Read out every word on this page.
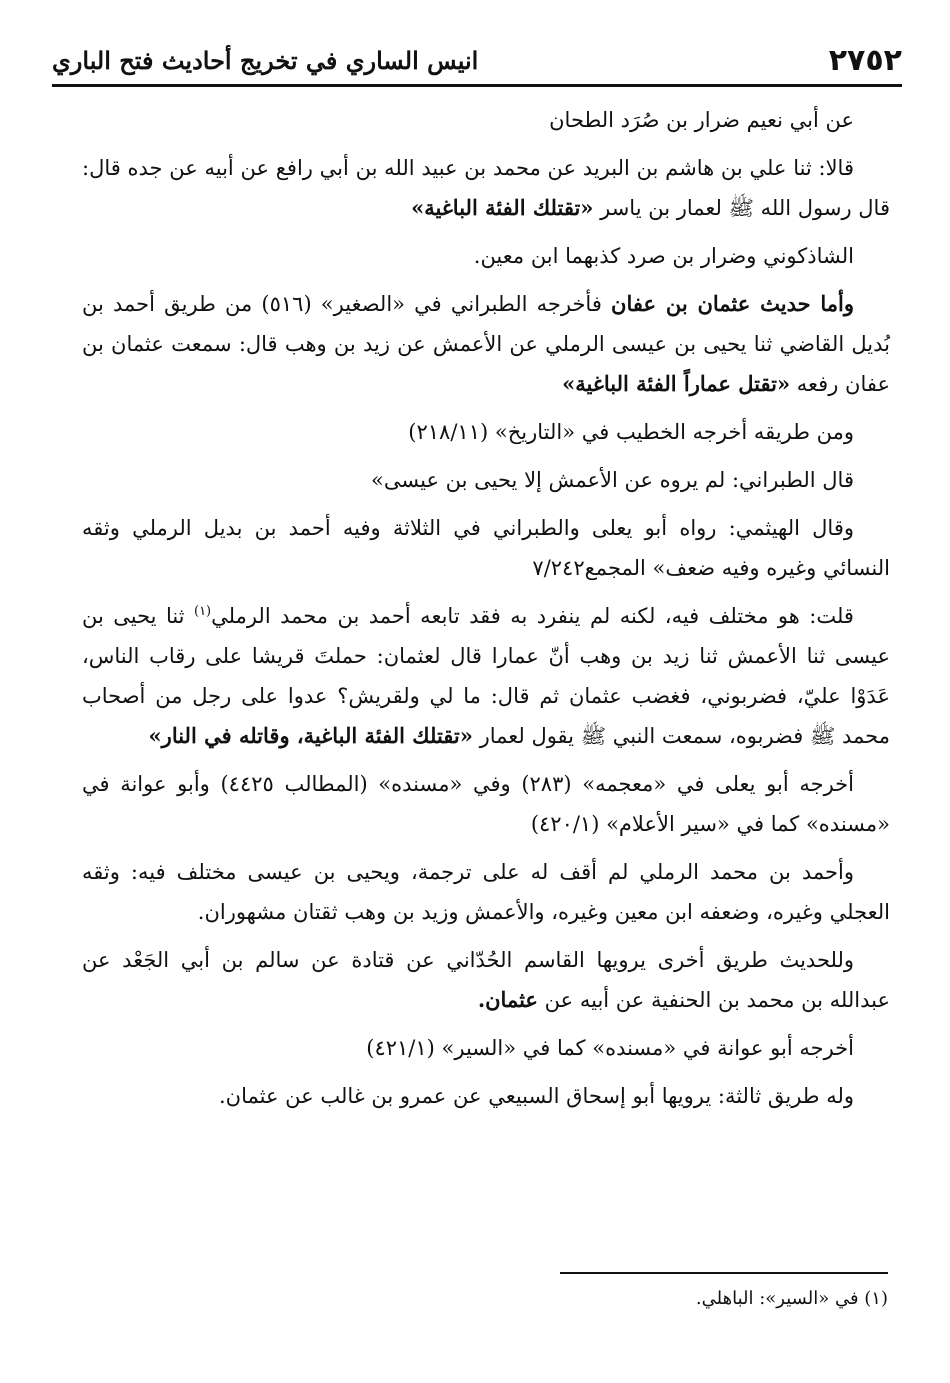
٢٧٥٢
انيس الساري في تخريج أحاديث فتح الباري

عن أبي نعيم ضرار بن صُرَد الطحان

قالا: ثنا علي بن هاشم بن البريد عن محمد بن عبيد الله بن أبي رافع عن أبيه عن جده قال: قال رسول الله ﷺ لعمار بن ياسر «تقتلك الفئة الباغية»

الشاذكوني وضرار بن صرد كذبهما ابن معين.

وأما حديث عثمان بن عفان فأخرجه الطبراني في «الصغير» (٥١٦) من طريق أحمد بن بُديل القاضي ثنا يحيى بن عيسى الرملي عن الأعمش عن زيد بن وهب قال: سمعت عثمان بن عفان رفعه «تقتل عماراً الفئة الباغية»

ومن طريقه أخرجه الخطيب في «التاريخ» (٢١٨/١١)

قال الطبراني: لم يروه عن الأعمش إلا يحيى بن عيسى»

وقال الهيثمي: رواه أبو يعلى والطبراني في الثلاثة وفيه أحمد بن بديل الرملي وثقه النسائي وغيره وفيه ضعف» المجمع٧/٢٤٢

قلت: هو مختلف فيه، لكنه لم ينفرد به فقد تابعه أحمد بن محمد الرملي$^{(١)}$ ثنا يحيى بن عيسى ثنا الأعمش ثنا زيد بن وهب أنّ عمارا قال لعثمان: حملتَ قريشا على رقاب الناس، عَدَوْا عليّ، فضربوني، فغضب عثمان ثم قال: ما لي ولقريش؟ عدوا على رجل من أصحاب محمد ﷺ فضربوه، سمعت النبي ﷺ يقول لعمار «تقتلك الفئة الباغية، وقاتله في النار»

أخرجه أبو يعلى في «معجمه» (٢٨٣) وفي «مسنده» (المطالب ٤٤٢٥) وأبو عوانة في «مسنده» كما في «سير الأعلام» (٤٢٠/١)

وأحمد بن محمد الرملي لم أقف له على ترجمة، ويحيى بن عيسى مختلف فيه: وثقه العجلي وغيره، وضعفه ابن معين وغيره، والأعمش وزيد بن وهب ثقتان مشهوران.

وللحديث طريق أخرى يرويها القاسم الحُدّاني عن قتادة عن سالم بن أبي الجَعْد عن عبدالله بن محمد بن الحنفية عن أبيه عن عثمان.

أخرجه أبو عوانة في «مسنده» كما في «السير» (٤٢١/١)

وله طريق ثالثة: يرويها أبو إسحاق السبيعي عن عمرو بن غالب عن عثمان.

(١) في «السير»: الباهلي.
